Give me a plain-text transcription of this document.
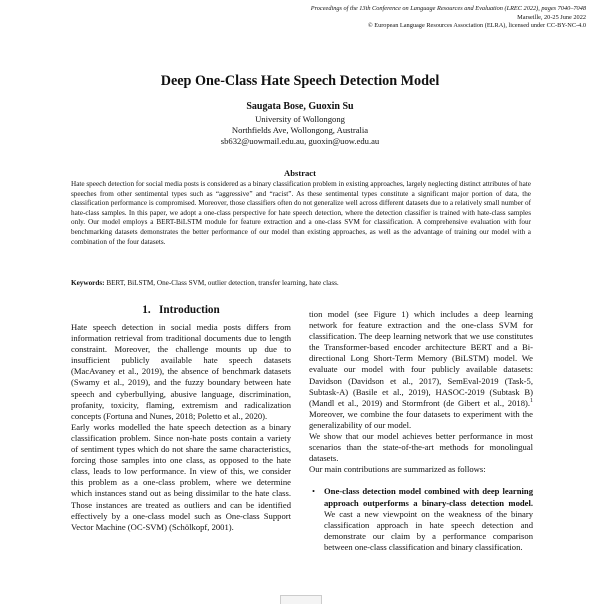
Proceedings of the 13th Conference on Language Resources and Evaluation (LREC 2022), pages 7040–7048
Marseille, 20-25 June 2022
© European Language Resources Association (ELRA), licensed under CC-BY-NC-4.0
Deep One-Class Hate Speech Detection Model
Saugata Bose, Guoxin Su
University of Wollongong
Northfields Ave, Wollongong, Australia
sb632@uowmail.edu.au, guoxin@uow.edu.au
Abstract
Hate speech detection for social media posts is considered as a binary classification problem in existing approaches, largely neglecting distinct attributes of hate speeches from other sentimental types such as “aggressive” and “racist”. As these sentimental types constitute a significant major portion of data, the classification performance is compromised. Moreover, those classifiers often do not generalize well across different datasets due to a relatively small number of hate-class samples. In this paper, we adopt a one-class perspective for hate speech detection, where the detection classifier is trained with hate-class samples only. Our model employs a BERT-BiLSTM module for feature extraction and a one-class SVM for classification. A comprehensive evaluation with four benchmarking datasets demonstrates the better performance of our model than existing approaches, as well as the advantage of training our model with a combination of the four datasets.
Keywords: BERT, BiLSTM, One-Class SVM, outlier detection, transfer learning, hate class.
1. Introduction

Hate speech detection in social media posts differs from information retrieval from traditional documents due to length constraint. Moreover, the challenge mounts up due to insufficient publicly available hate speech datasets (MacAvaney et al., 2019), the absence of benchmark datasets (Swamy et al., 2019), and the fuzzy boundary between hate speech and cyberbullying, abusive language, discrimination, profanity, toxicity, flaming, extremism and radicalization concepts (Fortuna and Nunes, 2018; Poletto et al., 2020).

Early works modelled the hate speech detection as a binary classification problem. Since non-hate posts contain a variety of sentiment types which do not share the same characteristics, forcing those samples into one class, as opposed to the hate class, leads to low performance. In view of this, we consider this problem as a one-class problem, where we determine which instances stand out as being dissimilar to the hate class. Those instances are treated as outliers and can be identified effectively by a one-class model such as One-class Support Vector Machine (OC-SVM) (Schölkopf, 2001).

tion model (see Figure 1) which includes a deep learning network for feature extraction and the one-class SVM for classification. The deep learning network that we use constitutes the Transformer-based encoder architecture BERT and a Bi-directional Long Short-Term Memory (BiLSTM) model. We evaluate our model with four publicly available datasets: Davidson (Davidson et al., 2017), SemEval-2019 (Task-5, Subtask-A) (Basile et al., 2019), HASOC-2019 (Subtask B) (Mandl et al., 2019) and Stormfront (de Gibert et al., 2018).$^1$ Moreover, we combine the four datasets to experiment with the generalizability of our model.

We show that our model achieves better performance in most scenarios than the state-of-the-art methods for monolingual datasets.

Our main contributions are summarized as follows:

• One-class detection model combined with deep learning approach outperforms a binary-class detection model. We cast a new viewpoint on the weakness of the binary classification approach in hate speech detection and demonstrate our claim by a performance comparison between one-class classification and binary classification.
